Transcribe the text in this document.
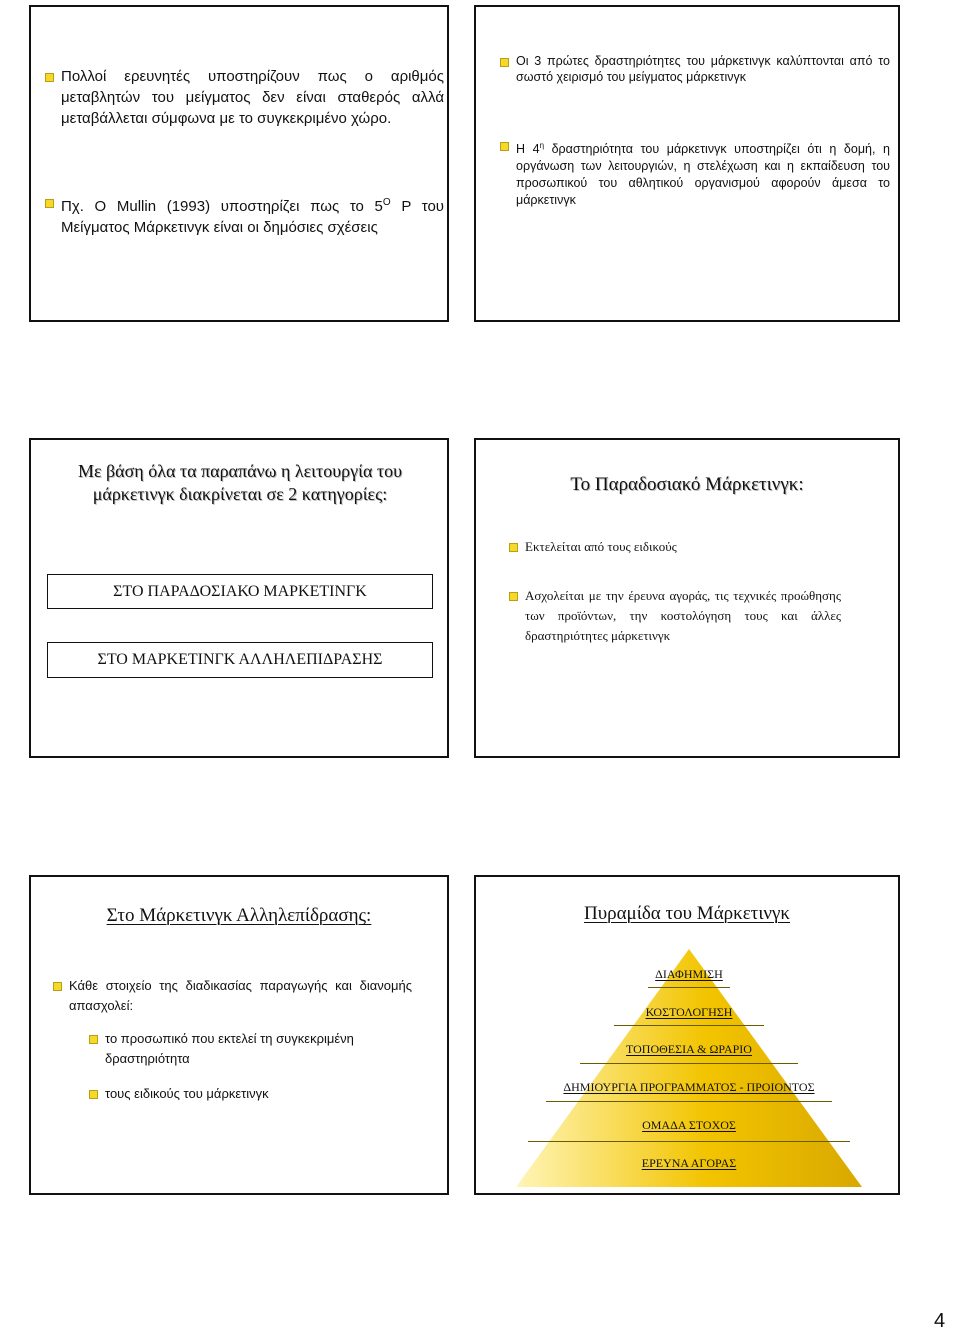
Πολλοί ερευνητές υποστηρίζουν πως ο αριθμός μεταβλητών του μείγματος δεν είναι σταθερός αλλά μεταβάλλεται σύμφωνα με το συγκεκριμένο χώρο.
Πχ. Ο Mullin (1993) υποστηρίζει πως το $5^O$ Ρ του Μείγματος Μάρκετινγκ είναι οι δημόσιες σχέσεις
Οι 3 πρώτες δραστηριότητες του μάρκετινγκ καλύπτονται από το σωστό χειρισμό του μείγματος μάρκετινγκ
Η $4^\eta$ δραστηριότητα του μάρκετινγκ υποστηρίζει ότι η δομή, η οργάνωση των λειτουργιών, η στελέχωση και η εκπαίδευση του προσωπικού του αθλητικού οργανισμού αφορούν άμεσα το μάρκετινγκ
Με βάση όλα τα παραπάνω η λειτουργία του μάρκετινγκ διακρίνεται σε 2 κατηγορίες:
ΣΤΟ ΠΑΡΑΔΟΣΙΑΚΟ ΜΑΡΚΕΤΙΝΓΚ
ΣΤΟ ΜΑΡΚΕΤΙΝΓΚ ΑΛΛΗΛΕΠΙΔΡΑΣΗΣ
Το Παραδοσιακό Μάρκετινγκ:
Εκτελείται από τους ειδικούς
Ασχολείται με την έρευνα αγοράς, τις τεχνικές προώθησης των προϊόντων, την κοστολόγηση τους και άλλες δραστηριότητες μάρκετινγκ
Στο Μάρκετινγκ Αλληλεπίδρασης:
Κάθε στοιχείο της διαδικασίας παραγωγής και διανομής απασχολεί:
το προσωπικό που εκτελεί τη συγκεκριμένη δραστηριότητα
τους ειδικούς του μάρκετινγκ
Πυραμίδα του Μάρκετινγκ
ΔΙΑΦΗΜΙΣΗ
ΚΟΣΤΟΛΟΓΗΣΗ
ΤΟΠΟΘΕΣΙΑ & ΩΡΑΡΙΟ
ΔΗΜΙΟΥΡΓΙΑ ΠΡΟΓΡΑΜΜΑΤΟΣ - ΠΡΟΙΟΝΤΟΣ
ΟΜΑΔΑ ΣΤΟΧΟΣ
ΕΡΕΥΝΑ ΑΓΟΡΑΣ
4
